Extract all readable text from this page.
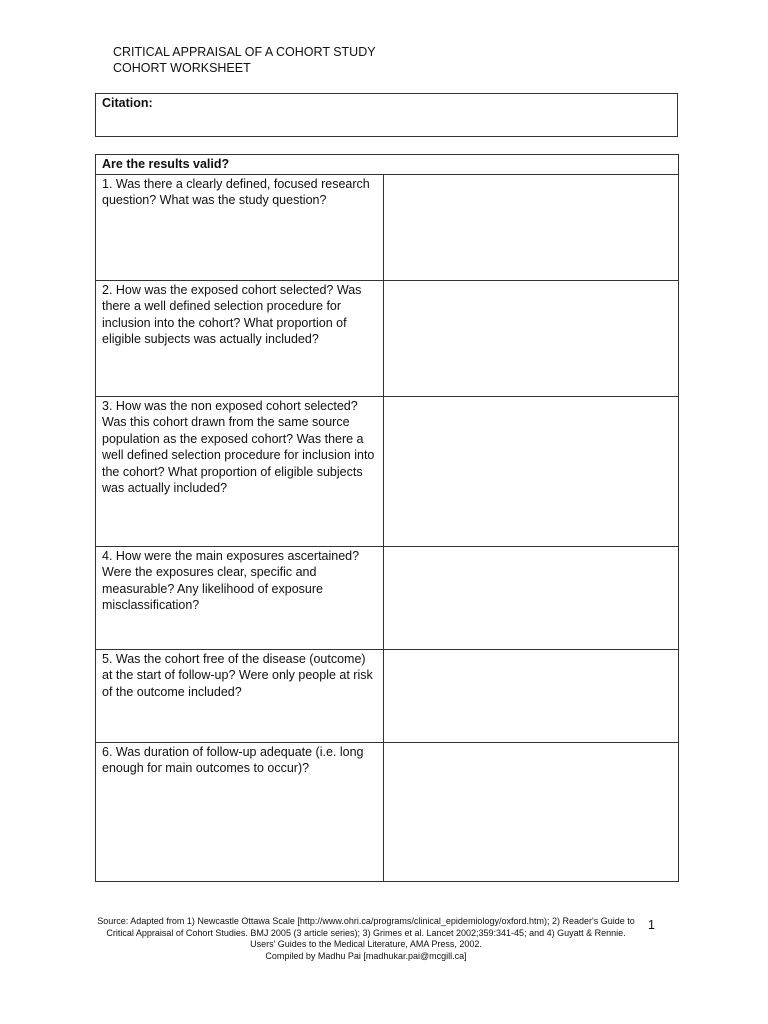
CRITICAL APPRAISAL OF A COHORT STUDY
COHORT WORKSHEET
Citation:
Are the results valid?	
1. Was there a clearly defined, focused research question? What was the study question?	
2. How was the exposed cohort selected? Was there a well defined selection procedure for inclusion into the cohort? What proportion of eligible subjects was actually included?	
3. How was the non exposed cohort selected? Was this cohort drawn from the same source population as the exposed cohort? Was there a well defined selection procedure for inclusion into the cohort? What proportion of eligible subjects was actually included?	
4. How were the main exposures ascertained? Were the exposures clear, specific and measurable? Any likelihood of exposure misclassification?	
5. Was the cohort free of the disease (outcome) at the start of follow-up? Were only people at risk of the outcome included?	
6. Was duration of follow-up adequate (i.e. long enough for main outcomes to occur)?	
Source: Adapted from 1) Newcastle Ottawa Scale [http://www.ohri.ca/programs/clinical_epidemiology/oxford.htm); 2) Reader's Guide to Critical Appraisal of Cohort Studies. BMJ 2005 (3 article series); 3) Grimes et al. Lancet 2002;359:341-45; and 4) Guyatt & Rennie. Users' Guides to the Medical Literature, AMA Press, 2002.
Compiled by Madhu Pai [madhukar.pai@mcgill.ca]
1
